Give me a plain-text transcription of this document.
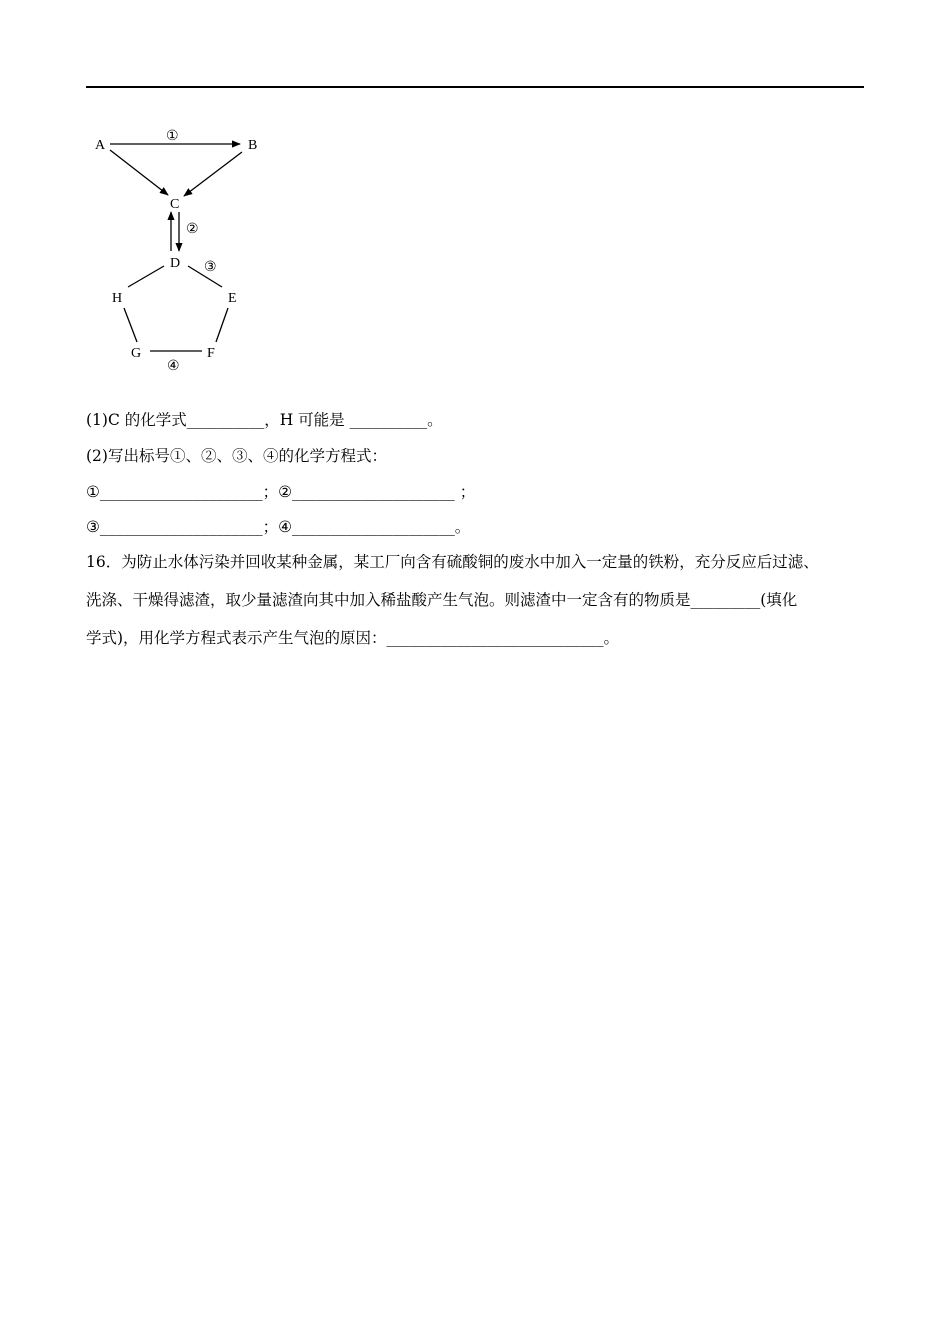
A	B
C
D
E
H
G	F
①
②
③
④
(1)C 的化学式__________，H 可能是 __________。
(2)写出标号①、②、③、④的化学方程式：
①_____________________；②_____________________ ；
③_____________________；④_____________________。
16．为防止水体污染并回收某种金属，某工厂向含有硫酸铜的废水中加入一定量的铁粉，充分反应后过滤、
洗涤、干燥得滤渣，取少量滤渣向其中加入稀盐酸产生气泡。则滤渣中一定含有的物质是_________(填化
学式)，用化学方程式表示产生气泡的原因：____________________________。
